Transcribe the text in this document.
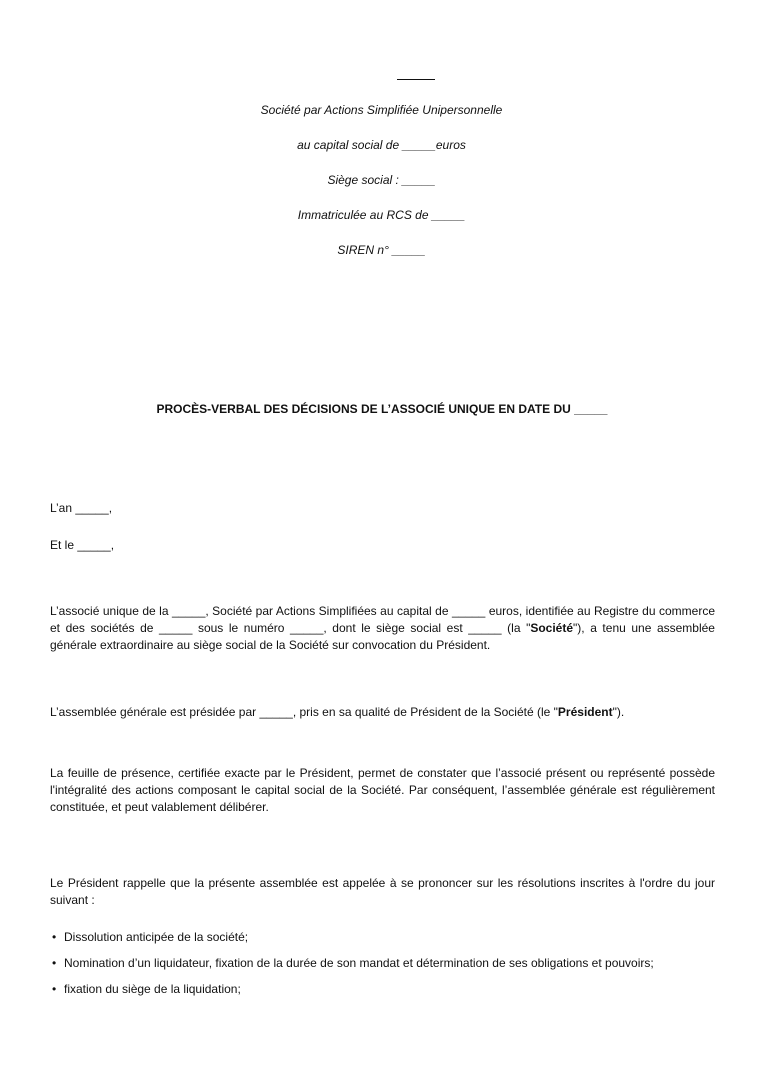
Société par Actions Simplifiée Unipersonnelle
au capital social de _____euros
Siège social : _____
Immatriculée au RCS de _____
SIREN n° _____
PROCÈS-VERBAL DES DÉCISIONS DE L’ASSOCIÉ UNIQUE EN DATE DU _____
L’an _____,
Et le _____,
L’associé unique de la _____, Société par Actions Simplifiées au capital de _____ euros, identifiée au Registre du commerce et des sociétés de _____ sous le numéro _____, dont le siège social est _____ (la "Société"), a tenu une assemblée générale extraordinaire au siège social de la Société sur convocation du Président.
L’assemblée générale est présidée par _____, pris en sa qualité de Président de la Société (le "Président").
La feuille de présence, certifiée exacte par le Président, permet de constater que l’associé présent ou représenté possède l'intégralité des actions composant le capital social de la Société. Par conséquent, l’assemblée générale est régulièrement constituée, et peut valablement délibérer.
Le Président rappelle que la présente assemblée est appelée à se prononcer sur les résolutions inscrites à l'ordre du jour suivant :
• Dissolution anticipée de la société;
• Nomination d’un liquidateur, fixation de la durée de son mandat et détermination de ses obligations et pouvoirs;
• fixation du siège de la liquidation;
